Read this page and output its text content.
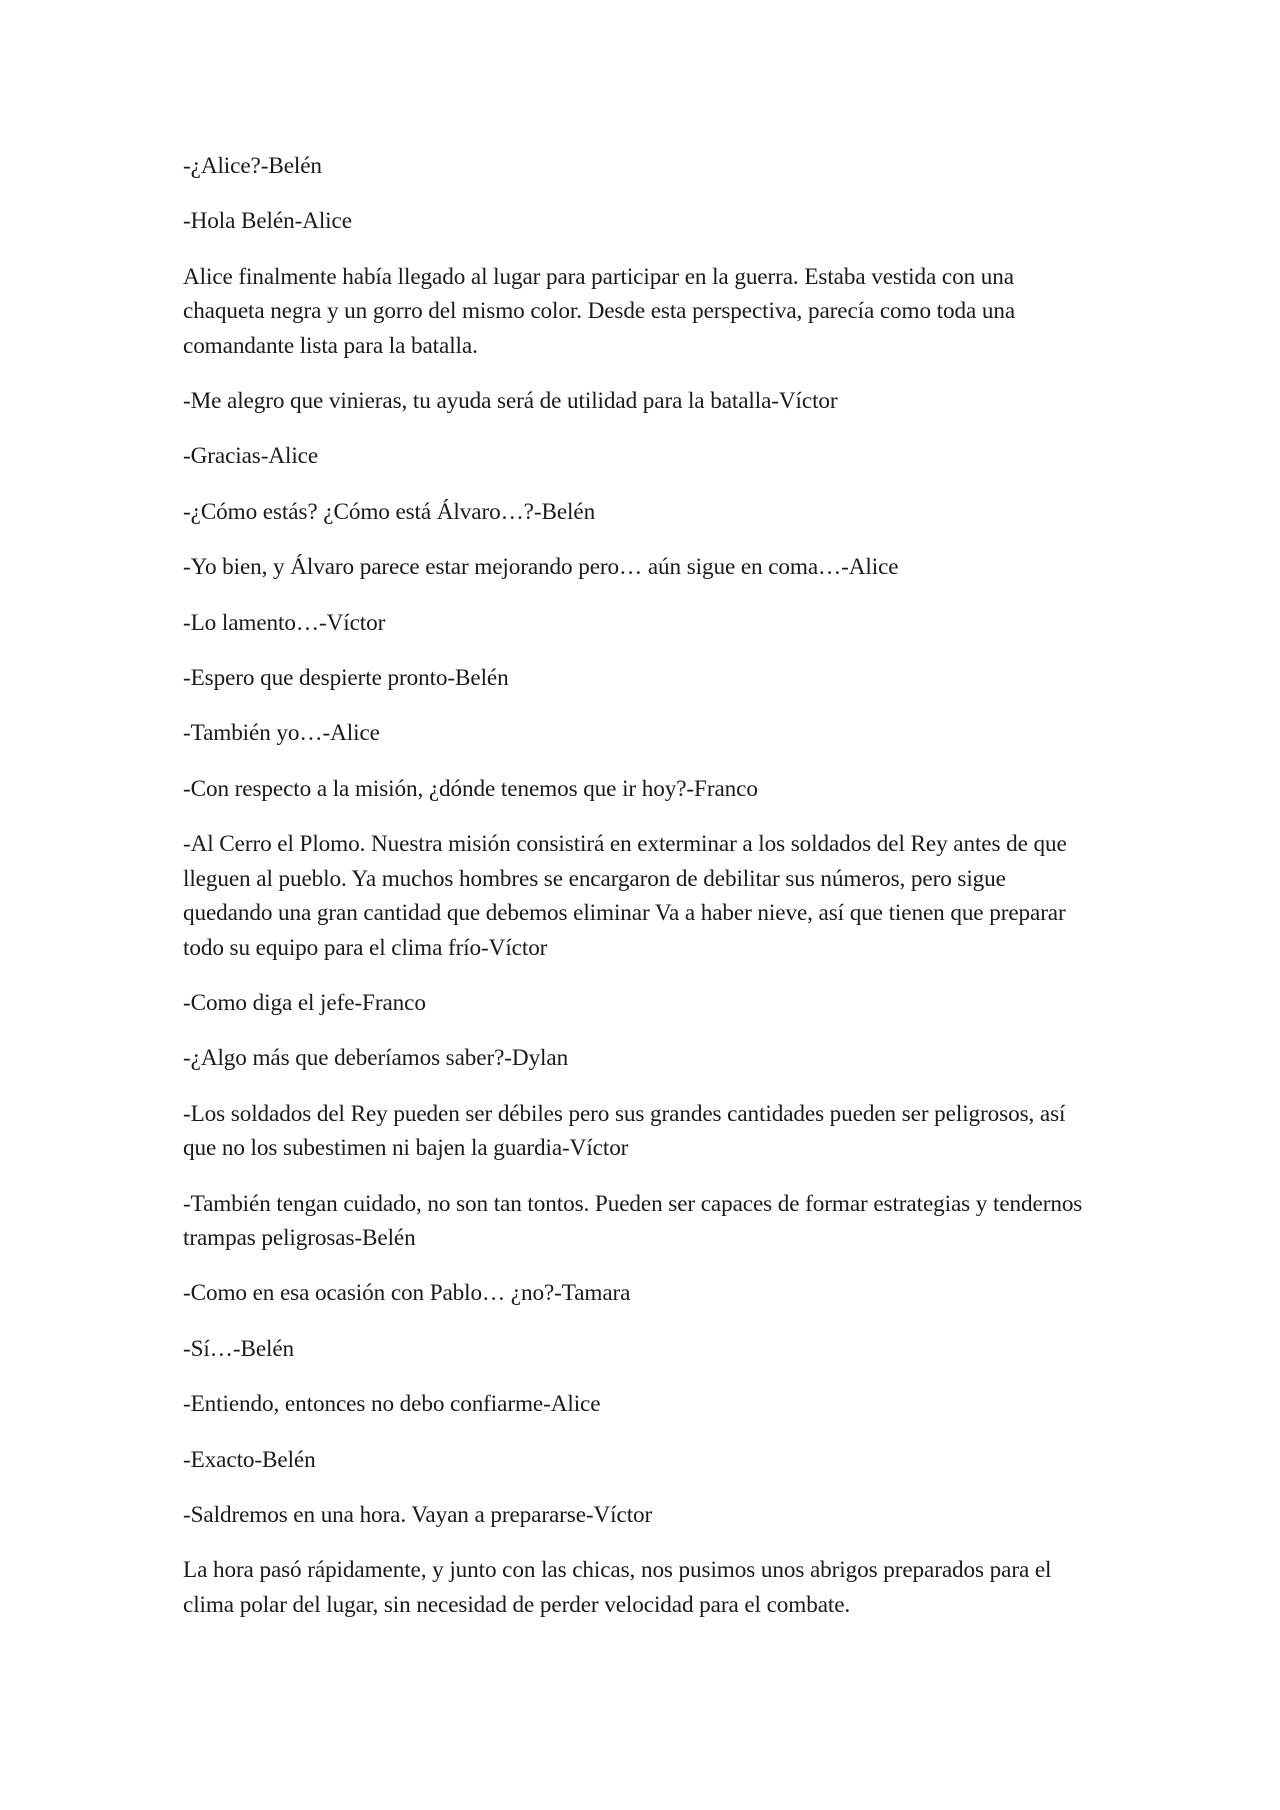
-¿Alice?-Belén

-Hola Belén-Alice

Alice finalmente había llegado al lugar para participar en la guerra. Estaba vestida con una chaqueta negra y un gorro del mismo color. Desde esta perspectiva, parecía como toda una comandante lista para la batalla.

-Me alegro que vinieras, tu ayuda será de utilidad para la batalla-Víctor

-Gracias-Alice

-¿Cómo estás? ¿Cómo está Álvaro…?-Belén

-Yo bien, y Álvaro parece estar mejorando pero… aún sigue en coma…-Alice

-Lo lamento…-Víctor

-Espero que despierte pronto-Belén

-También yo…-Alice

-Con respecto a la misión, ¿dónde tenemos que ir hoy?-Franco

-Al Cerro el Plomo. Nuestra misión consistirá en exterminar a los soldados del Rey antes de que lleguen al pueblo. Ya muchos hombres se encargaron de debilitar sus números, pero sigue quedando una gran cantidad que debemos eliminar Va a haber nieve, así que tienen que preparar todo su equipo para el clima frío-Víctor

-Como diga el jefe-Franco

-¿Algo más que deberíamos saber?-Dylan

-Los soldados del Rey pueden ser débiles pero sus grandes cantidades pueden ser peligrosos, así que no los subestimen ni bajen la guardia-Víctor

-También tengan cuidado, no son tan tontos. Pueden ser capaces de formar estrategias y tendernos trampas peligrosas-Belén

-Como en esa ocasión con Pablo… ¿no?-Tamara

-Sí…-Belén

-Entiendo, entonces no debo confiarme-Alice

-Exacto-Belén

-Saldremos en una hora. Vayan a prepararse-Víctor

La hora pasó rápidamente, y junto con las chicas, nos pusimos unos abrigos preparados para el clima polar del lugar, sin necesidad de perder velocidad para el combate.
